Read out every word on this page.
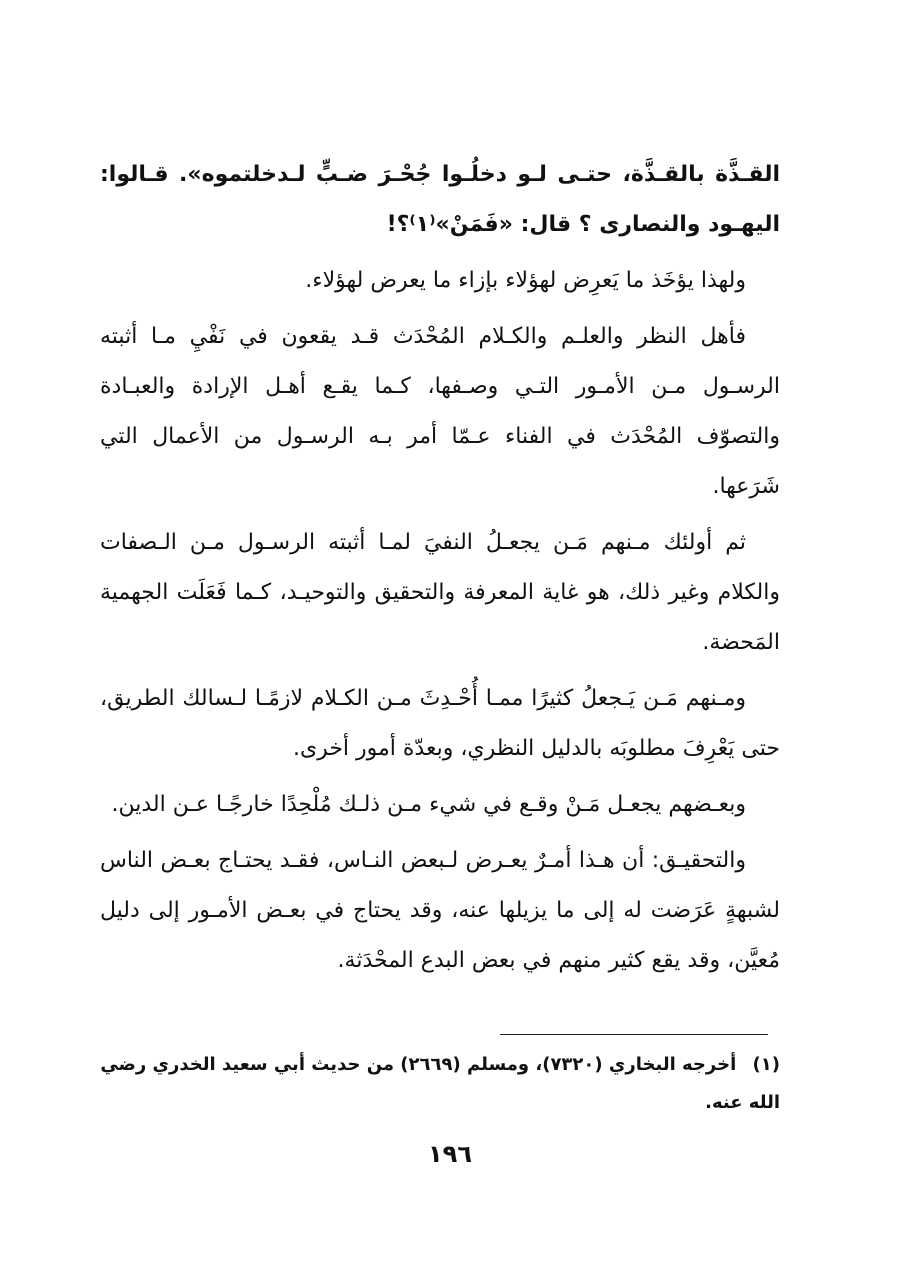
القـذَّة بالقـذَّة، حتـى لـو دخلُـوا جُحْـرَ ضـبٍّ لـدخلتموه». قـالوا: اليهـود والنصارى ؟ قال: «فَمَنْ»⁽١⁾؟!

ولهذا يؤخَذ ما يَعرِض لهؤلاء بإزاء ما يعرض لهؤلاء.

فأهل النظر والعلـم والكـلام المُحْدَث قـد يقعون في نَفْيِ مـا أثبته الرسـول مـن الأمـور التـي وصـفها، كـما يقـع أهـل الإرادة والعبـادة والتصوّف المُحْدَث في الفناء عـمّا أمر بـه الرسـول من الأعمال التي شَرَعها.

ثم أولئك مـنهم مَـن يجعـلُ النفيَ لمـا أثبته الرسـول مـن الـصفات والكلام وغير ذلك، هو غاية المعرفة والتحقيق والتوحيـد، كـما فَعَلَت الجهمية المَحضة.

ومـنهم مَـن يَـجعلُ كثيرًا ممـا أُحْـدِثَ مـن الكـلام لازمًـا لـسالك الطريق، حتى يَعْرِفَ مطلوبَه بالدليل النظري، وبعدّة أمور أخرى.

وبعـضهم يجعـل مَـنْ وقـع في شيء مـن ذلـك مُلْحِدًا خارجًـا عـن الدين.

والتحقيـق: أن هـذا أمـرٌ يعـرض لـبعض النـاس، فقـد يحتـاج بعـض الناس لشبهةٍ عَرَضت له إلى ما يزيلها عنه، وقد يحتاج في بعـض الأمـور إلى دليل مُعيَّن، وقد يقع كثير منهم في بعض البدع المحْدَثة.

(١) أخرجه البخاري (٧٣٢٠)، ومسلم (٢٦٦٩) من حديث أبي سعيد الخدري رضي الله عنه.
١٩٦
